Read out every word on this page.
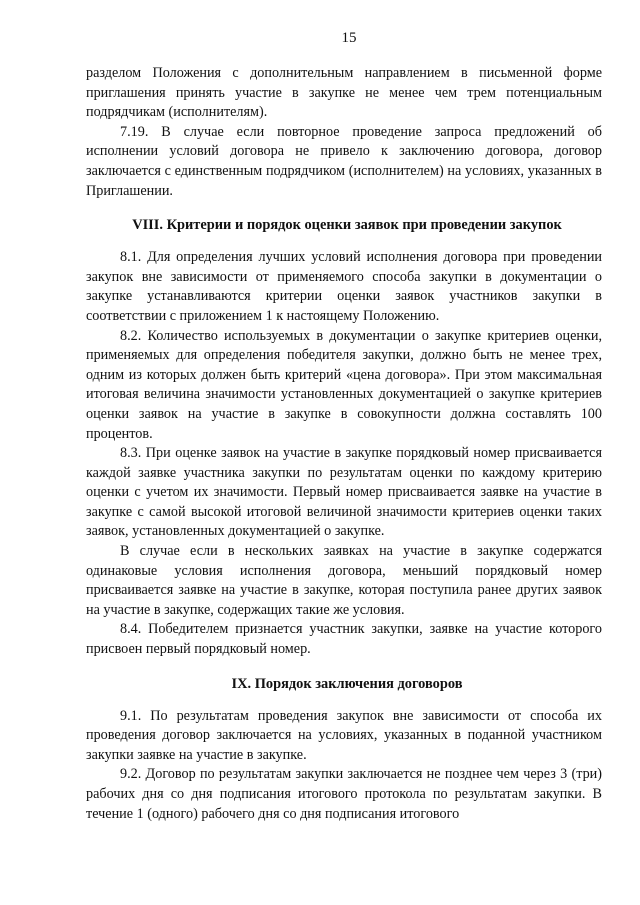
15

разделом Положения с дополнительным направлением в письменной форме приглашения принять участие в закупке не менее чем трем потенциальным подрядчикам (исполнителям).

7.19. В случае если повторное проведение запроса предложений об исполнении условий договора не привело к заключению договора, договор заключается с единственным подрядчиком (исполнителем) на условиях, указанных в Приглашении.

VIII. Критерии и порядок оценки заявок при проведении закупок

8.1. Для определения лучших условий исполнения договора при проведении закупок вне зависимости от применяемого способа закупки в документации о закупке устанавливаются критерии оценки заявок участников закупки в соответствии с приложением 1 к настоящему Положению.

8.2. Количество используемых в документации о закупке критериев оценки, применяемых для определения победителя закупки, должно быть не менее трех, одним из которых должен быть критерий «цена договора». При этом максимальная итоговая величина значимости установленных документацией о закупке критериев оценки заявок на участие в закупке в совокупности должна составлять 100 процентов.

8.3. При оценке заявок на участие в закупке порядковый номер присваивается каждой заявке участника закупки по результатам оценки по каждому критерию оценки с учетом их значимости. Первый номер присваивается заявке на участие в закупке с самой высокой итоговой величиной значимости критериев оценки таких заявок, установленных документацией о закупке.

В случае если в нескольких заявках на участие в закупке содержатся одинаковые условия исполнения договора, меньший порядковый номер присваивается заявке на участие в закупке, которая поступила ранее других заявок на участие в закупке, содержащих такие же условия.

8.4. Победителем признается участник закупки, заявке на участие которого присвоен первый порядковый номер.

IX. Порядок заключения договоров

9.1. По результатам проведения закупок вне зависимости от способа их проведения договор заключается на условиях, указанных в поданной участником закупки заявке на участие в закупке.

9.2. Договор по результатам закупки заключается не позднее чем через 3 (три) рабочих дня со дня подписания итогового протокола по результатам закупки. В течение 1 (одного) рабочего дня со дня подписания итогового
